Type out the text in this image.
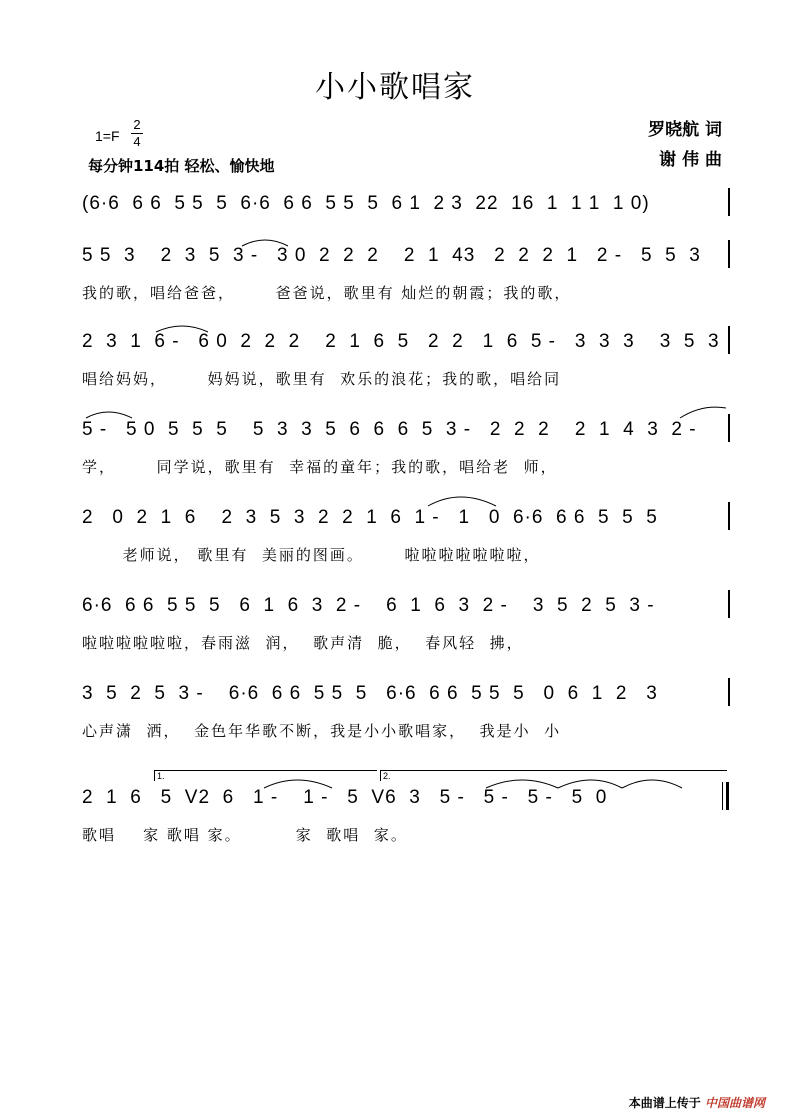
小小歌唱家
1=F
2
4
每分钟114拍 轻松、愉快地
罗晓航 词
谢 伟 曲
(6·6  6 6  5 5  5  6·6  6 6  5 5  5  6 1  2 3  22  16  1  1 1  1 0)
5 5  3    2  3  5  3 -   3 0  2  2  2    2  1  43   2  2  2  1   2 -   5  5  3
我的歌，唱给爸爸，      爸爸说，歌里有 灿烂的朝霞；我的歌，
2  3  1  6 -   6 0  2  2  2    2  1  6  5   2  2   1  6  5 -   3  3  3    3  5  3
唱给妈妈，      妈妈说，歌里有  欢乐的浪花；我的歌，唱给同
5 -   5 0  5  5  5    5  3  3  5  6  6  6  5  3 -   2  2  2    2  1  4  3  2 -
学，      同学说，歌里有  幸福的童年；我的歌，唱给老  师，
2   0  2  1  6    2  3  5  3  2  2  1  6  1 -   1   0  6·6  6 6  5  5  5
老师说， 歌里有  美丽的图画。      啦啦啦啦啦啦啦，
6·6  6 6  5 5  5   6  1  6  3  2 -    6  1  6  3  2 -    3  5  2  5  3 -
啦啦啦啦啦啦，春雨滋  润，  歌声清  脆，  春风轻  拂，
3  5  2  5  3 -    6·6  6 6  5 5  5   6·6  6 6  5 5  5   0  6  1  2   3
心声潇  洒，  金色年华歌不断，我是小小歌唱家，  我是小  小
1.	2.
2  1  6   5  V2  6   1 -    1 -   5  V6  3   5 -   5 -   5 -   5  0
歌唱    家 歌唱 家。        家  歌唱  家。
本曲谱上传于 中国曲谱网
